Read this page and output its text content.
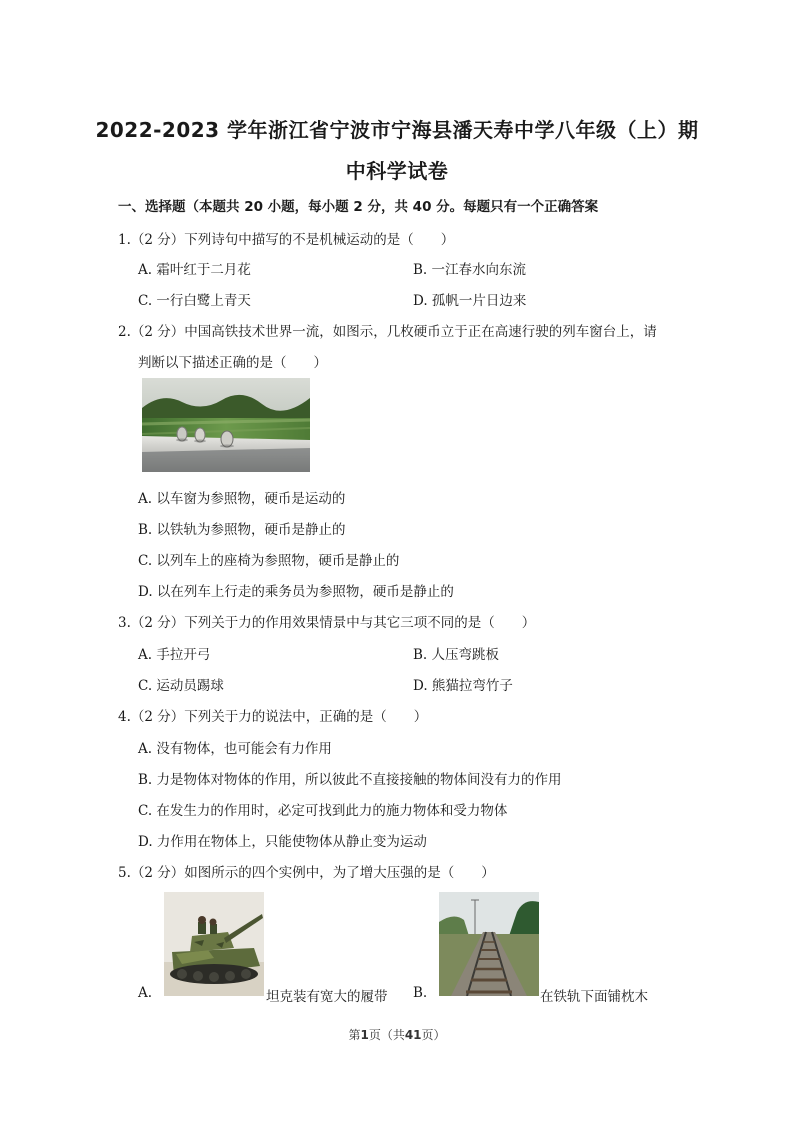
2022-2023 学年浙江省宁波市宁海县潘天寿中学八年级（上）期
中科学试卷
一、选择题（本题共 20 小题，每小题 2 分，共 40 分。每题只有一个正确答案
1.（2 分）下列诗句中描写的不是机械运动的是（　　）
A. 霜叶红于二月花	B. 一江春水向东流
C. 一行白鹭上青天	D. 孤帆一片日边来
2.（2 分）中国高铁技术世界一流，如图示，几枚硬币立于正在高速行驶的列车窗台上，请
判断以下描述正确的是（　　）
A. 以车窗为参照物，硬币是运动的
B. 以铁轨为参照物，硬币是静止的
C. 以列车上的座椅为参照物，硬币是静止的
D. 以在列车上行走的乘务员为参照物，硬币是静止的
3.（2 分）下列关于力的作用效果情景中与其它三项不同的是（　　）
A. 手拉开弓	B. 人压弯跳板
C. 运动员踢球	D. 熊猫拉弯竹子
4.（2 分）下列关于力的说法中，正确的是（　　）
A. 没有物体，也可能会有力作用
B. 力是物体对物体的作用，所以彼此不直接接触的物体间没有力的作用
C. 在发生力的作用时，必定可找到此力的施力物体和受力物体
D. 力作用在物体上，只能使物体从静止变为运动
5.（2 分）如图所示的四个实例中，为了增大压强的是（　　）
A.	坦克装有宽大的履带 B.	在铁轨下面铺枕木
第1页（共41页）
